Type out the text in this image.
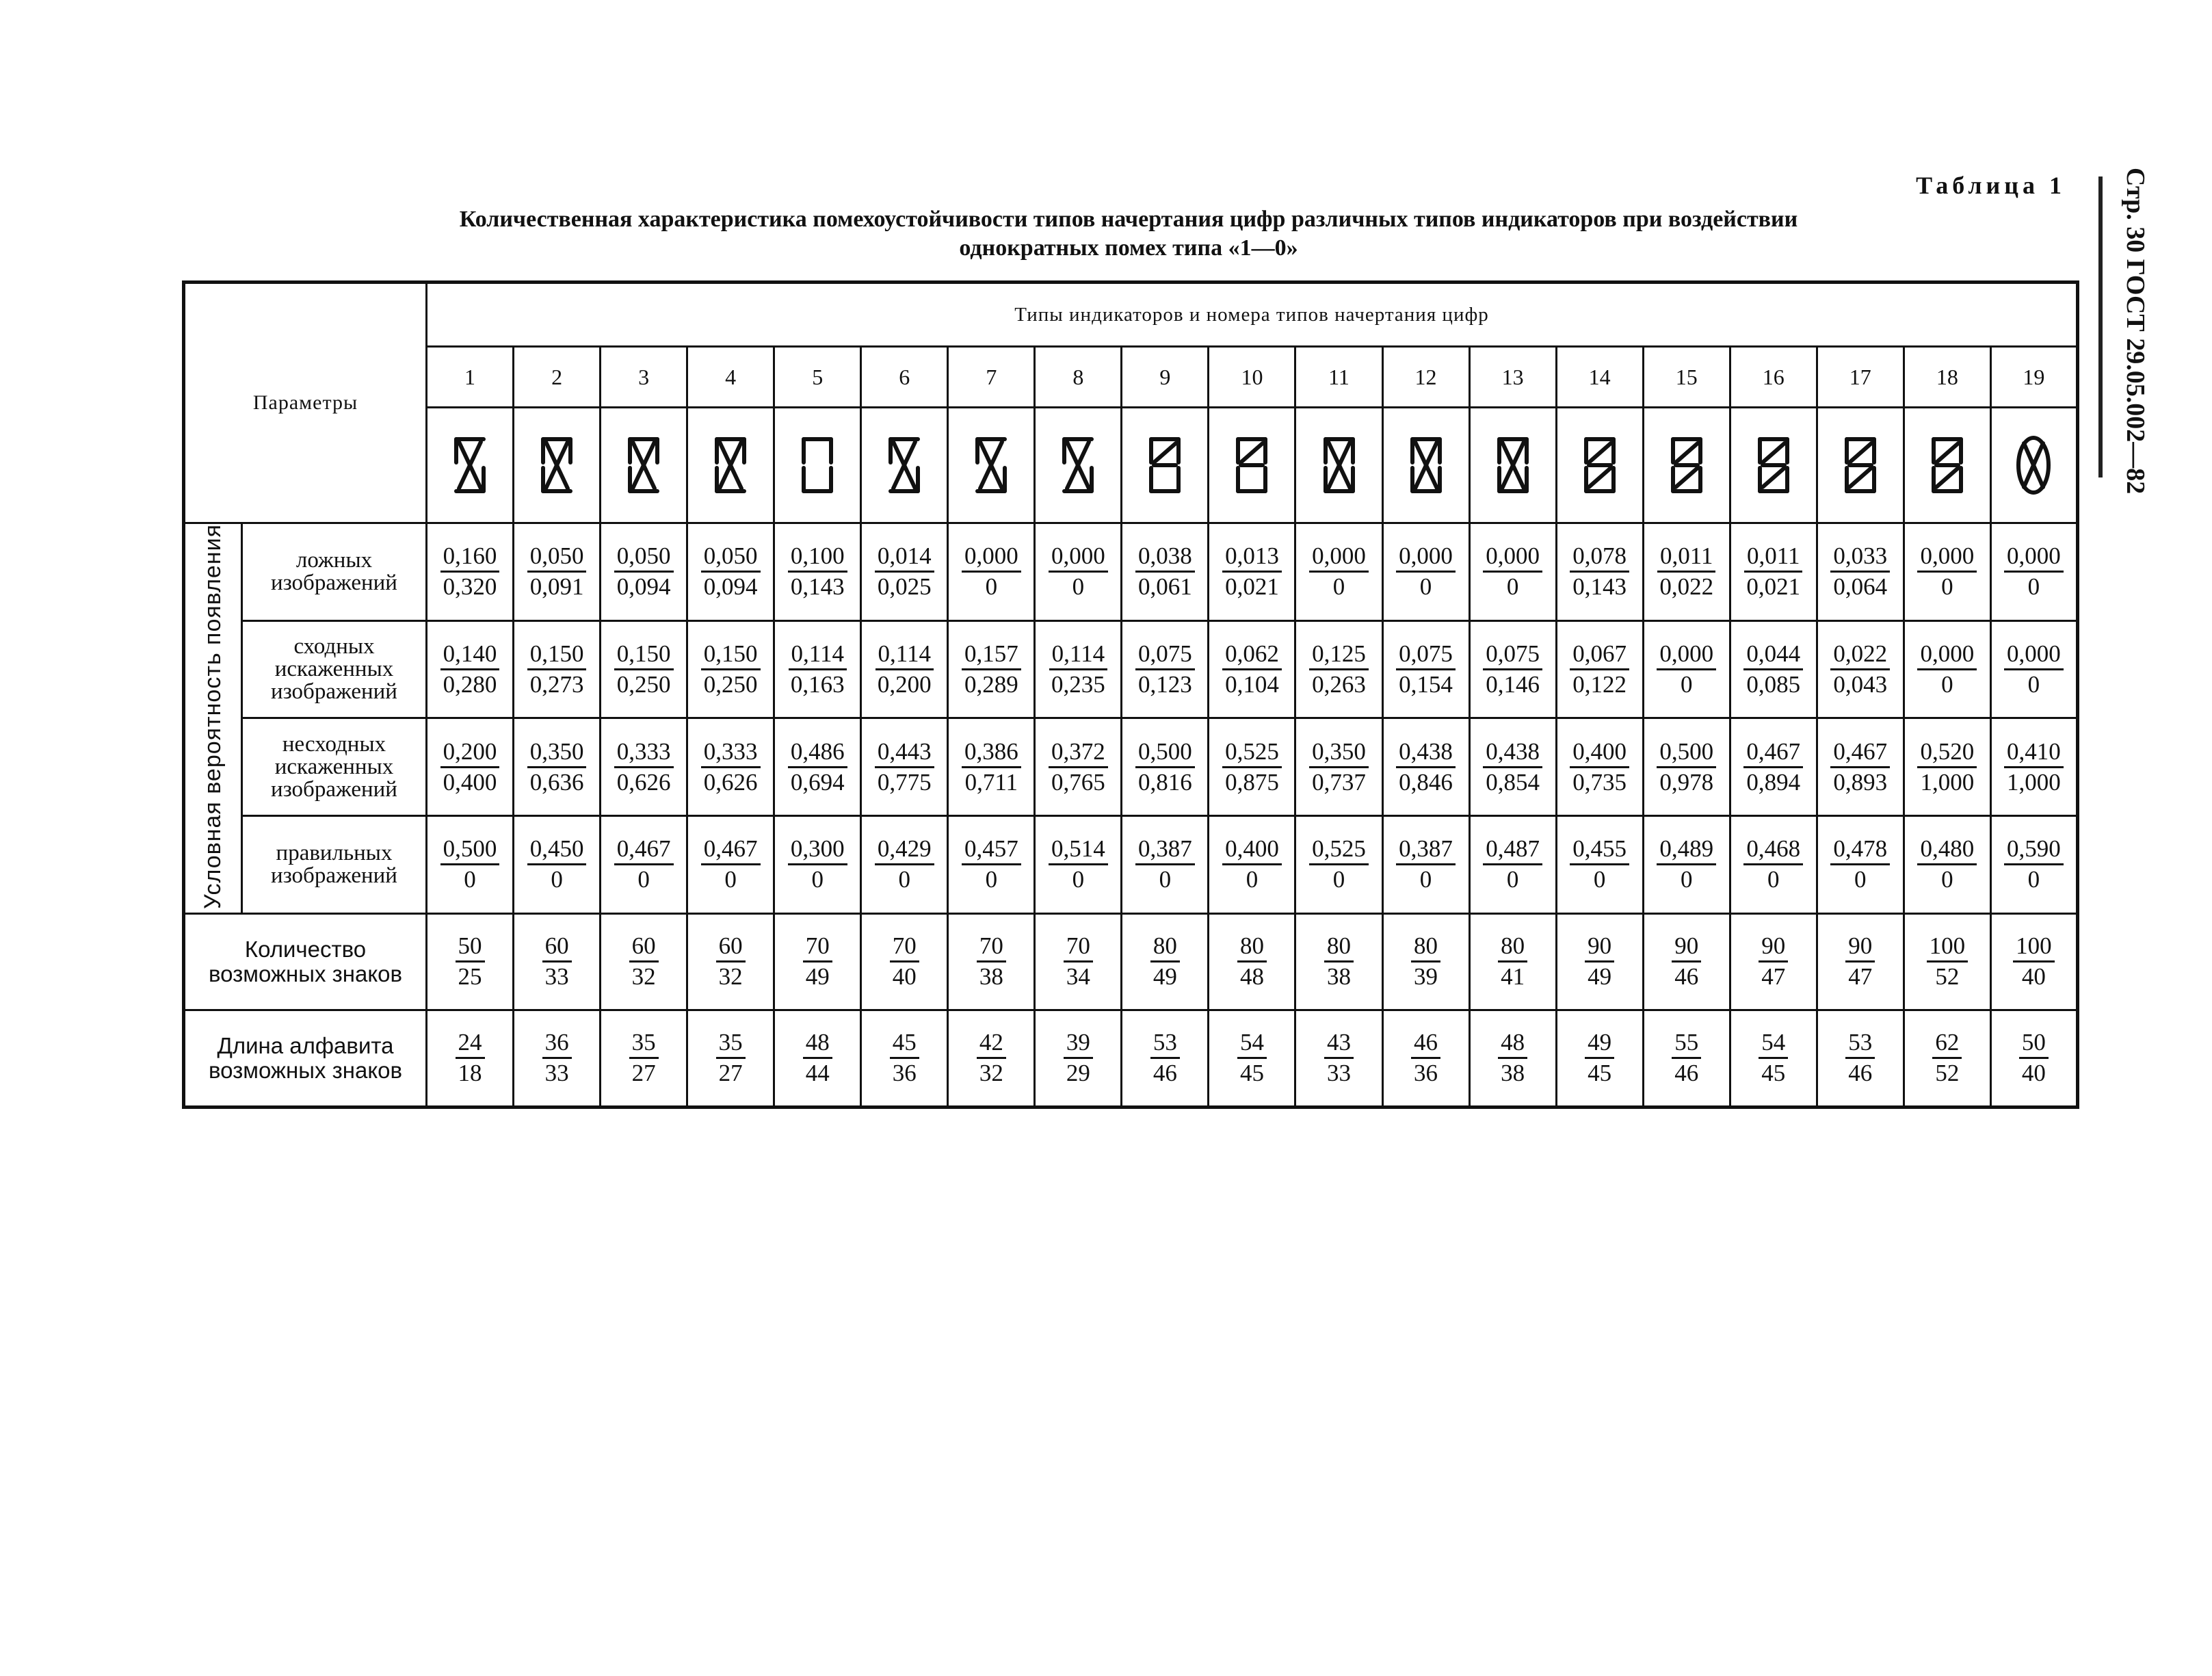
Таблица 1 Стр. 30 ГОСТ 29.05.002—82
Количественная характеристика помехоустойчивости типов начертания цифр различных типов индикаторов при воздействии
однократных помех типа «1—0»
Параметры		Типы индикаторов и номера типов начертания цифр																		
		1	2	3	4	5	6	7	8	9	10	11	12	13	14	15	16	17	18	19

Условная вероятность появления	ложных изображений	$\frac{0,160}{0,320}$	$\frac{0,050}{0,091}$	$\frac{0,050}{0,094}$	$\frac{0,050}{0,094}$	$\frac{0,100}{0,143}$	$\frac{0,014}{0,025}$	$\frac{0,000}{0}$	$\frac{0,000}{0}$	$\frac{0,038}{0,061}$	$\frac{0,013}{0,021}$	$\frac{0,000}{0}$	$\frac{0,000}{0}$	$\frac{0,000}{0}$	$\frac{0,078}{0,143}$	$\frac{0,011}{0,022}$	$\frac{0,011}{0,021}$	$\frac{0,033}{0,064}$	$\frac{0,000}{0}$	$\frac{0,000}{0}$

	сходных искаженных изображений	$\frac{0,140}{0,280}$	$\frac{0,150}{0,273}$	$\frac{0,150}{0,250}$	$\frac{0,150}{0,250}$	$\frac{0,114}{0,163}$	$\frac{0,114}{0,200}$	$\frac{0,157}{0,289}$	$\frac{0,114}{0,235}$	$\frac{0,075}{0,123}$	$\frac{0,062}{0,104}$	$\frac{0,125}{0,263}$	$\frac{0,075}{0,154}$	$\frac{0,075}{0,146}$	$\frac{0,067}{0,122}$	$\frac{0,000}{0}$	$\frac{0,044}{0,085}$	$\frac{0,022}{0,043}$	$\frac{0,000}{0}$	$\frac{0,000}{0}$

	несходных искаженных изображений	$\frac{0,200}{0,400}$	$\frac{0,350}{0,636}$	$\frac{0,333}{0,626}$	$\frac{0,333}{0,626}$	$\frac{0,486}{0,694}$	$\frac{0,443}{0,775}$	$\frac{0,386}{0,711}$	$\frac{0,372}{0,765}$	$\frac{0,500}{0,816}$	$\frac{0,525}{0,875}$	$\frac{0,350}{0,737}$	$\frac{0,438}{0,846}$	$\frac{0,438}{0,854}$	$\frac{0,400}{0,735}$	$\frac{0,500}{0,978}$	$\frac{0,467}{0,894}$	$\frac{0,467}{0,893}$	$\frac{0,520}{1,000}$	$\frac{0,410}{1,000}$

	правильных изображений	$\frac{0,500}{0}$	$\frac{0,450}{0}$	$\frac{0,467}{0}$	$\frac{0,467}{0}$	$\frac{0,300}{0}$	$\frac{0,429}{0}$	$\frac{0,457}{0}$	$\frac{0,514}{0}$	$\frac{0,387}{0}$	$\frac{0,400}{0}$	$\frac{0,525}{0}$	$\frac{0,387}{0}$	$\frac{0,487}{0}$	$\frac{0,455}{0}$	$\frac{0,489}{0}$	$\frac{0,468}{0}$	$\frac{0,478}{0}$	$\frac{0,480}{0}$	$\frac{0,590}{0}$

Количество возможных знаков		$\frac{50}{25}$	$\frac{60}{33}$	$\frac{60}{32}$	$\frac{60}{32}$	$\frac{70}{49}$	$\frac{70}{40}$	$\frac{70}{38}$	$\frac{70}{34}$	$\frac{80}{49}$	$\frac{80}{48}$	$\frac{80}{38}$	$\frac{80}{39}$	$\frac{80}{41}$	$\frac{90}{49}$	$\frac{90}{46}$	$\frac{90}{47}$	$\frac{90}{47}$	$\frac{100}{52}$	$\frac{100}{40}$

Длина алфавита возможных знаков		$\frac{24}{18}$	$\frac{36}{33}$	$\frac{35}{27}$	$\frac{35}{27}$	$\frac{48}{44}$	$\frac{45}{36}$	$\frac{42}{32}$	$\frac{39}{29}$	$\frac{53}{46}$	$\frac{54}{45}$	$\frac{43}{33}$	$\frac{46}{36}$	$\frac{48}{38}$	$\frac{49}{45}$	$\frac{55}{46}$	$\frac{54}{45}$	$\frac{53}{46}$	$\frac{62}{52}$	$\frac{50}{40}$
